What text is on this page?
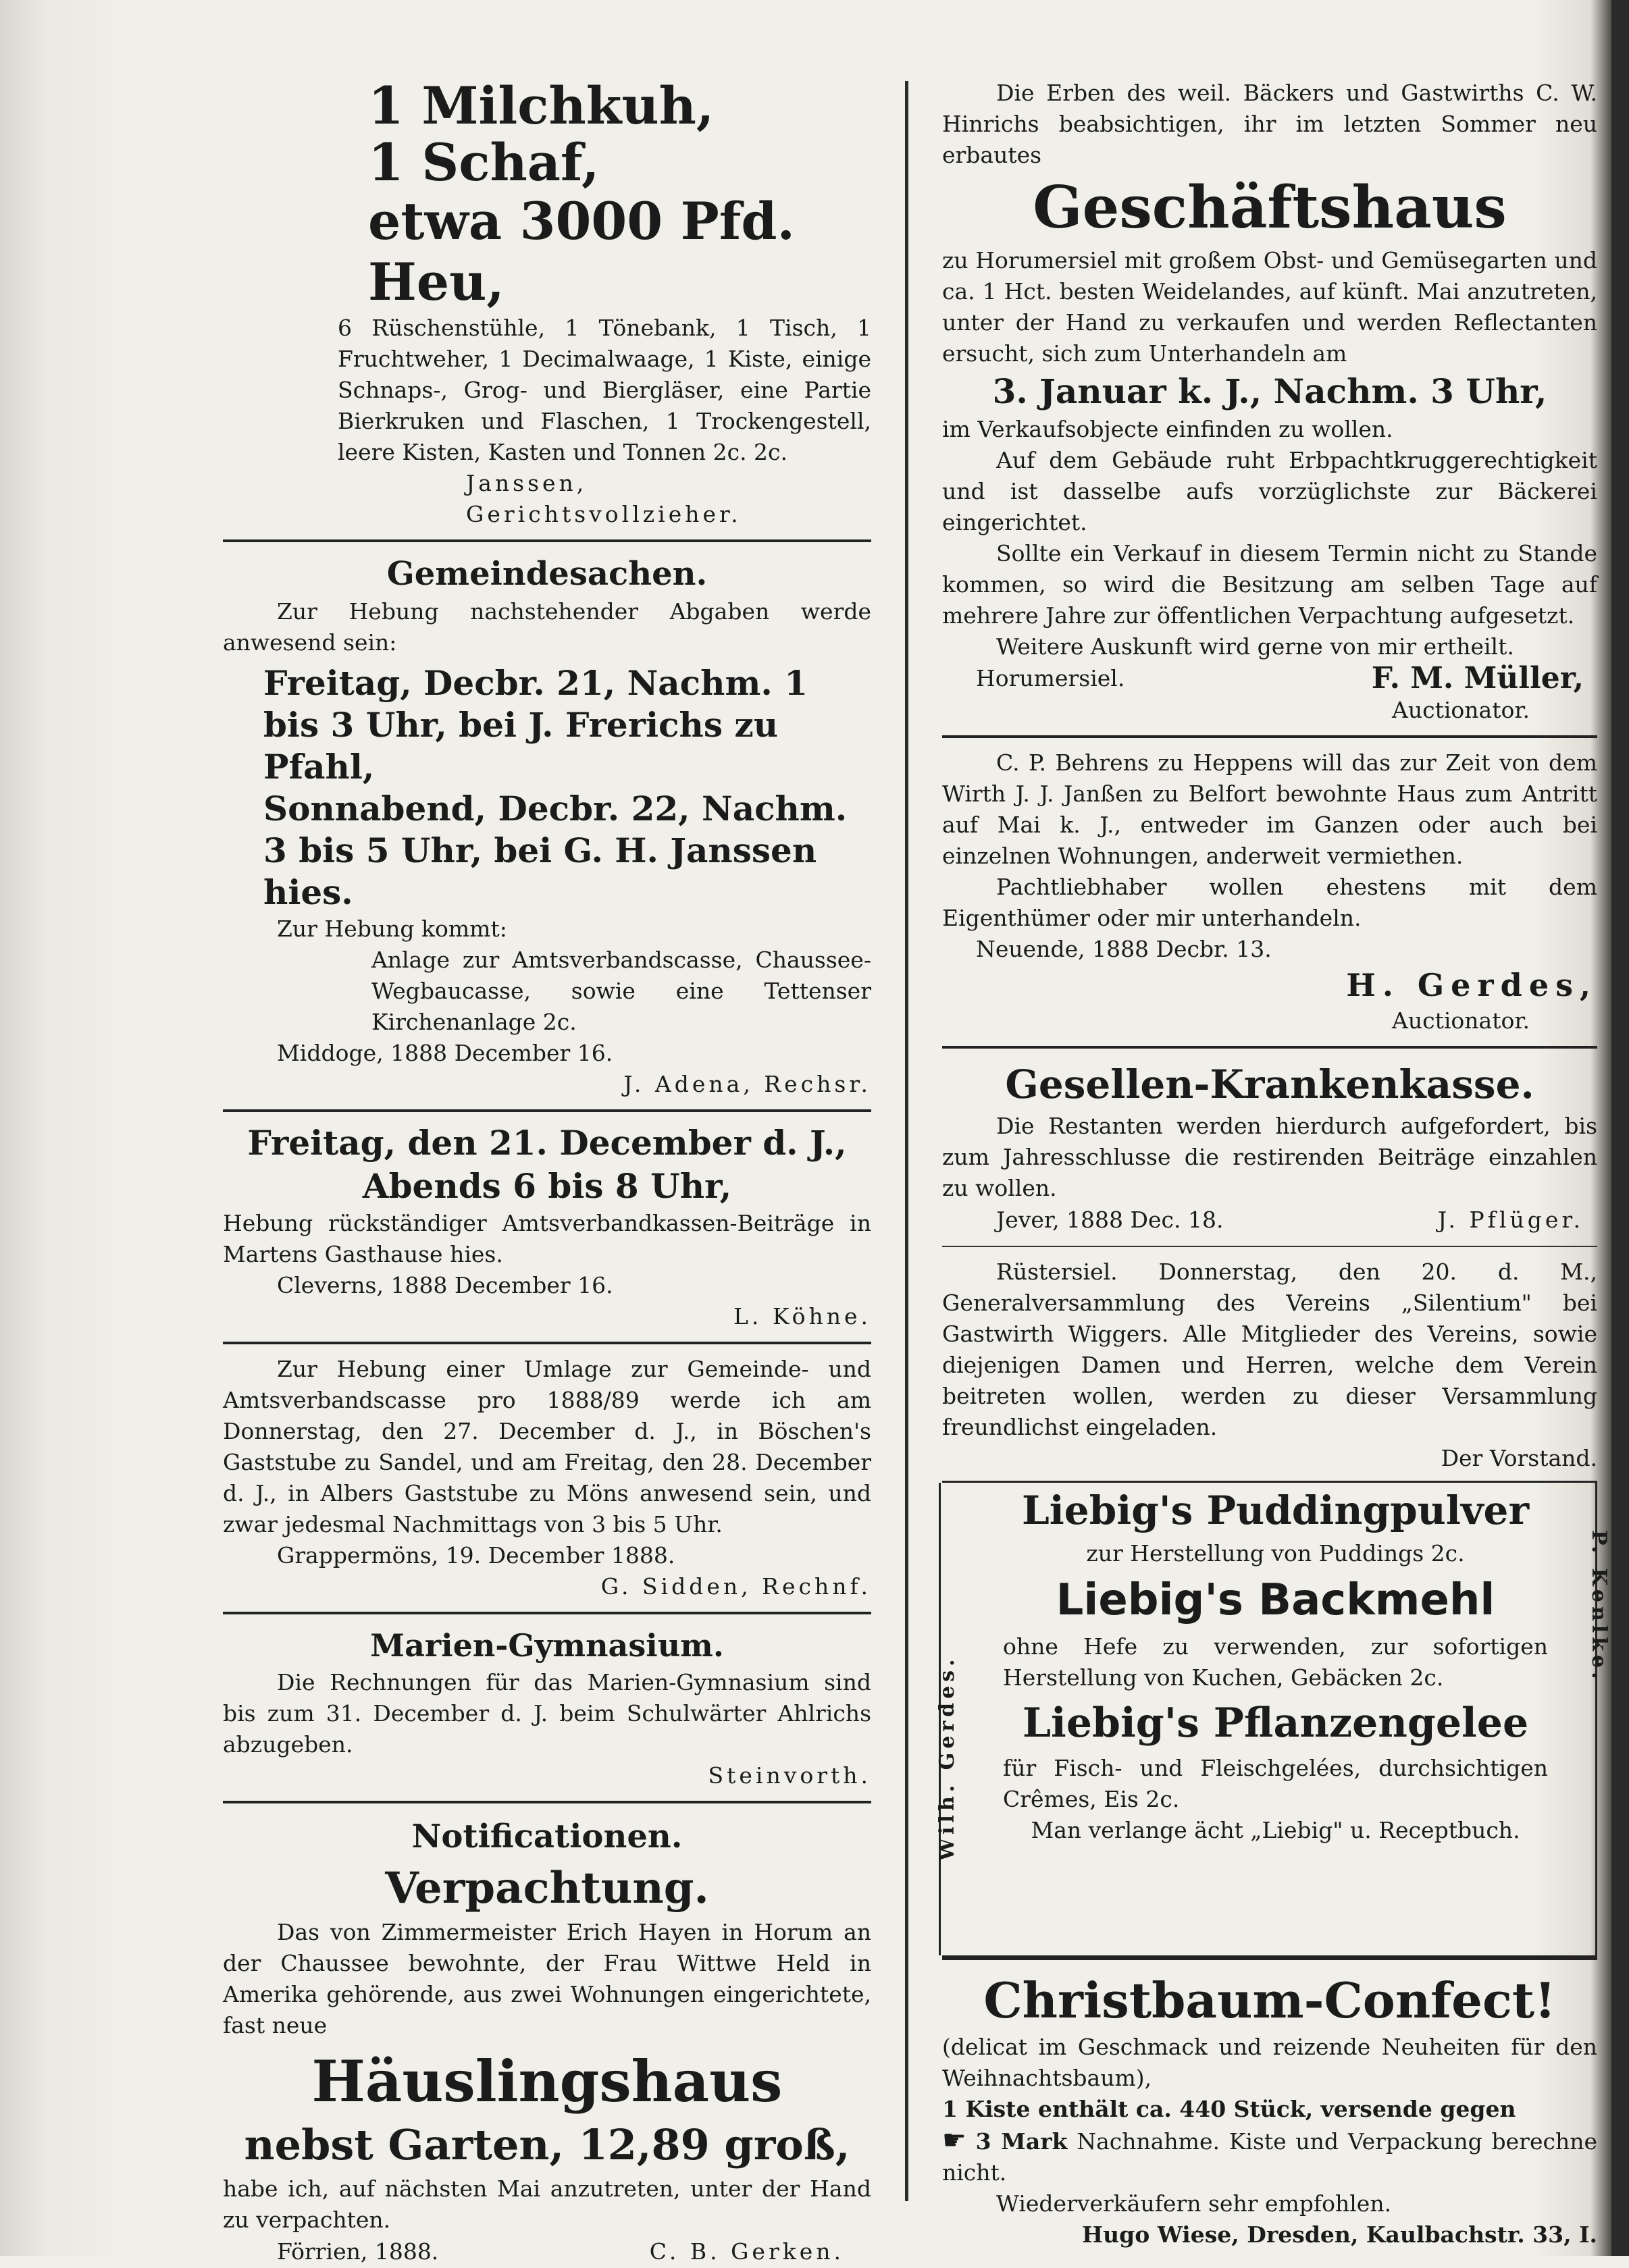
1 Milchkuh,

1 Schaf,

etwa 3000 Pfd. Heu,

6 Rüschenstühle, 1 Tönebank, 1 Tisch, 1 Fruchtweher, 1 Decimalwaage, 1 Kiste, einige Schnaps-, Grog- und Biergläser, eine Partie Bierkruken und Flaschen, 1 Trockengestell, leere Kisten, Kasten und Tonnen 2c. 2c.

Janssen, Gerichtsvollzieher.

Gemeindesachen.

Zur Hebung nachstehender Abgaben werde anwesend sein:

Freitag, Decbr. 21, Nachm. 1 bis 3 Uhr, bei J. Frerichs zu Pfahl,

Sonnabend, Decbr. 22, Nachm. 3 bis 5 Uhr, bei G. H. Janssen hies.

Zur Hebung kommt:

Anlage zur Amtsverbandscasse, Chaussee-Wegbaucasse, sowie eine Tettenser Kirchenanlage 2c.

Middoge, 1888 December 16.

J. Adena, Rechsr.

Freitag, den 21. December d. J.,

Abends 6 bis 8 Uhr,

Hebung rückständiger Amtsverbandkassen-Beiträge in Martens Gasthause hies.

Cleverns, 1888 December 16.

L. Köhne.

Zur Hebung einer Umlage zur Gemeinde- und Amtsverbandscasse pro 1888/89 werde ich am Donnerstag, den 27. December d. J., in Böschen's Gaststube zu Sandel, und am Freitag, den 28. December d. J., in Albers Gaststube zu Möns anwesend sein, und zwar jedesmal Nachmittags von 3 bis 5 Uhr.

Grappermöns, 19. December 1888.

G. Sidden, Rechnf.

Marien-Gymnasium.

Die Rechnungen für das Marien-Gymnasium sind bis zum 31. December d. J. beim Schulwärter Ahlrichs abzugeben.

Steinvorth.

Notificationen.

Verpachtung.

Das von Zimmermeister Erich Hayen in Horum an der Chaussee bewohnte, der Frau Wittwe Held in Amerika gehörende, aus zwei Wohnungen eingerichtete, fast neue

Häuslingshaus

nebst Garten, 12,89 groß,

habe ich, auf nächsten Mai anzutreten, unter der Hand zu verpachten.

Förrien, 1888.	C. B. Gerken.

Die Erben des weil. Bäckers und Gastwirths C. W. Hinrichs beabsichtigen, ihr im letzten Sommer neu erbautes

Geschäftshaus

zu Horumersiel mit großem Obst- und Gemüsegarten und ca. 1 Hct. besten Weidelandes, auf künft. Mai anzutreten, unter der Hand zu verkaufen und werden Reflectanten ersucht, sich zum Unterhandeln am

3. Januar k. J., Nachm. 3 Uhr,

im Verkaufsobjecte einfinden zu wollen.

Auf dem Gebäude ruht Erbpachtkruggerechtigkeit und ist dasselbe aufs vorzüglichste zur Bäckerei eingerichtet.

Sollte ein Verkauf in diesem Termin nicht zu Stande kommen, so wird die Besitzung am selben Tage auf mehrere Jahre zur öffentlichen Verpachtung aufgesetzt.

Weitere Auskunft wird gerne von mir ertheilt.

Horumersiel.	F. M. Müller,

Auctionator.

C. P. Behrens zu Heppens will das zur Zeit von dem Wirth J. J. Janßen zu Belfort bewohnte Haus zum Antritt auf Mai k. J., entweder im Ganzen oder auch bei einzelnen Wohnungen, anderweit vermiethen.

Pachtliebhaber wollen ehestens mit dem Eigenthümer oder mir unterhandeln.

Neuende, 1888 Decbr. 13.

H. Gerdes,

Auctionator.

Gesellen-Krankenkasse.

Die Restanten werden hierdurch aufgefordert, bis zum Jahresschlusse die restirenden Beiträge einzahlen zu wollen.

Jever, 1888 Dec. 18.	J. Pflüger.

Rüstersiel. Donnerstag, den 20. d. M., Generalversammlung des Vereins „Silentium" bei Gastwirth Wiggers. Alle Mitglieder des Vereins, sowie diejenigen Damen und Herren, welche dem Verein beitreten wollen, werden zu dieser Versammlung freundlichst eingeladen.

Der Vorstand.

Wilh. Gerdes.
P. Kenlke.

Liebig's Puddingpulver

zur Herstellung von Puddings 2c.

Liebig's Backmehl

ohne Hefe zu verwenden, zur sofortigen Herstellung von Kuchen, Gebäcken 2c.

Liebig's Pflanzengelee

für Fisch- und Fleischgelées, durchsichtigen Crêmes, Eis 2c.

Man verlange ächt „Liebig" u. Receptbuch.

Christbaum-Confect!

(delicat im Geschmack und reizende Neuheiten für den Weihnachtsbaum),

1 Kiste enthält ca. 440 Stück, versende gegen

☛ 3 Mark Nachnahme. Kiste und Verpackung berechne nicht.

Wiederverkäufern sehr empfohlen.

Hugo Wiese, Dresden, Kaulbachstr. 33, I.
